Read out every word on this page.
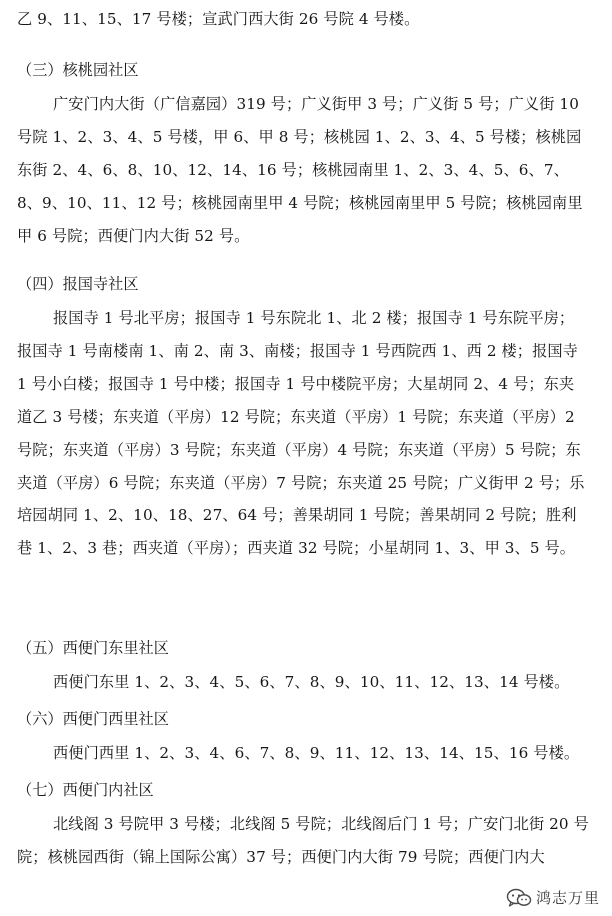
乙 9、11、15、17 号楼；宣武门西大街 26 号院 4 号楼。

（三）核桃园社区

广安门内大街（广信嘉园）319 号；广义街甲 3 号；广义街 5 号；广义街 10 号院 1、2、3、4、5 号楼，甲 6、甲 8 号；核桃园 1、2、3、4、5 号楼；核桃园东街 2、4、6、8、10、12、14、16 号；核桃园南里 1、2、3、4、5、6、7、8、9、10、11、12 号；核桃园南里甲 4 号院；核桃园南里甲 5 号院；核桃园南里甲 6 号院；西便门内大街 52 号。

（四）报国寺社区

报国寺 1 号北平房；报国寺 1 号东院北 1、北 2 楼；报国寺 1 号东院平房；报国寺 1 号南楼南 1、南 2、南 3、南楼；报国寺 1 号西院西 1、西 2 楼；报国寺 1 号小白楼；报国寺 1 号中楼；报国寺 1 号中楼院平房；大星胡同 2、4 号；东夹道乙 3 号楼；东夹道（平房）12 号院；东夹道（平房）1 号院；东夹道（平房）2 号院；东夹道（平房）3 号院；东夹道（平房）4 号院；东夹道（平房）5 号院；东夹道（平房）6 号院；东夹道（平房）7 号院；东夹道 25 号院；广义街甲 2 号；乐培园胡同 1、2、10、18、27、64 号；善果胡同 1 号院；善果胡同 2 号院；胜利巷 1、2、3 巷；西夹道（平房）；西夹道 32 号院；小星胡同 1、3、甲 3、5 号。

（五）西便门东里社区

西便门东里 1、2、3、4、5、6、7、8、9、10、11、12、13、14 号楼。

（六）西便门西里社区

西便门西里 1、2、3、4、6、7、8、9、11、12、13、14、15、16 号楼。

（七）西便门内社区

北线阁 3 号院甲 3 号楼；北线阁 5 号院；北线阁后门 1 号；广安门北街 20 号院；核桃园西街（锦上国际公寓）37 号；西便门内大街 79 号院；西便门内大

鸿志万里
